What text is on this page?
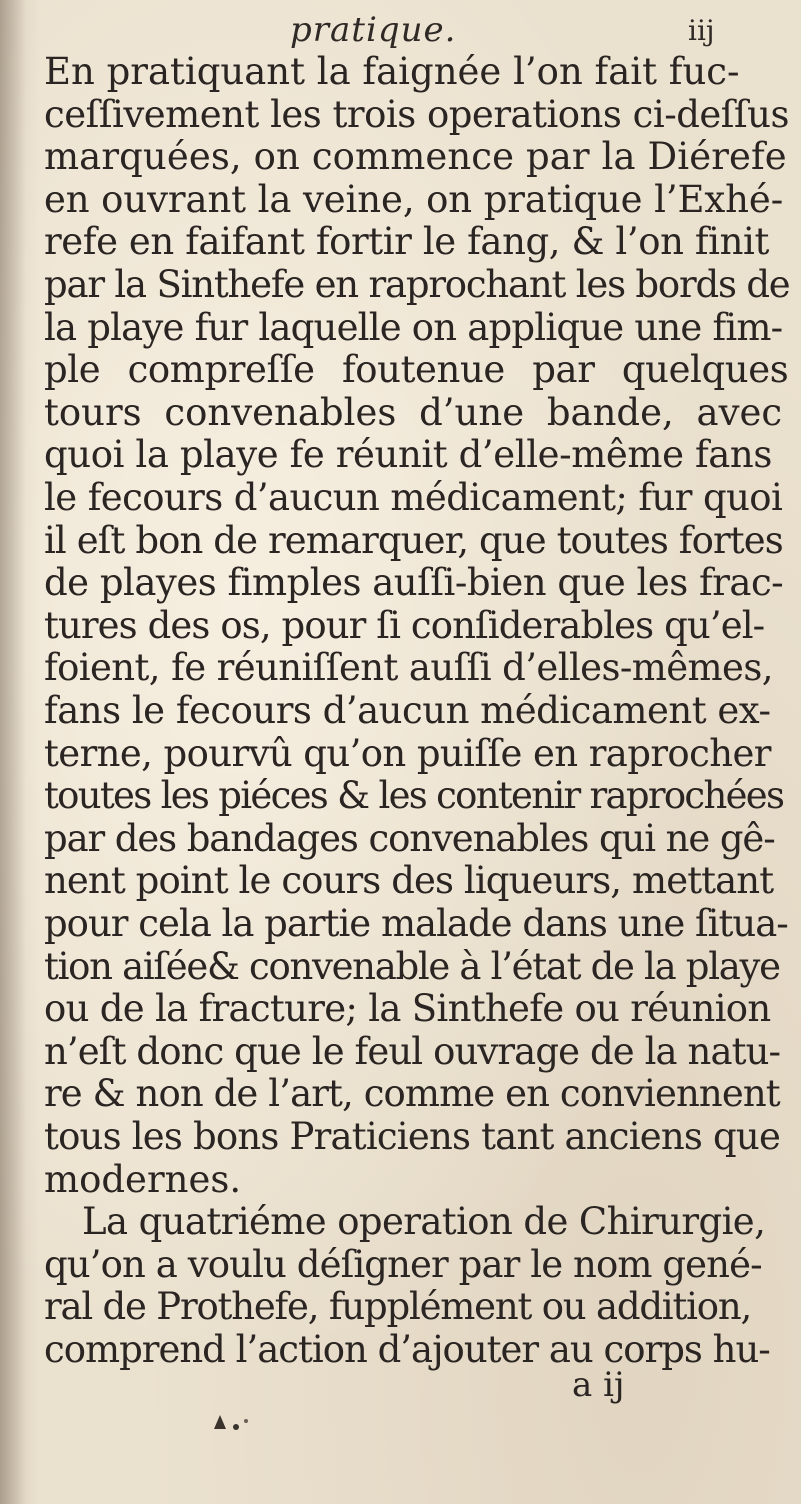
pratique.	iij
En pratiquant la faignée l’on fait fuc-
ceſſivement les trois operations ci-deſſus
marquées, on commence par la Diérefe
en ouvrant la veine, on pratique l’Exhé-
refe en faifant fortir le fang, & l’on finit
par la Sinthefe en raprochant les bords de
la playe fur laquelle on applique une fim-
ple compreſſe foutenue par quelques
tours convenables d’une bande, avec
quoi la playe fe réunit d’elle-même fans
le fecours d’aucun médicament; fur quoi
il eſt bon de remarquer, que toutes fortes
de playes fimples auſſi-bien que les frac-
tures des os, pour ſi conſiderables qu’el-
foient, fe réuniſſent auſſi d’elles-mêmes,
fans le fecours d’aucun médicament ex-
terne, pourvû qu’on puiſſe en raprocher
toutes les piéces & les contenir raprochées
par des bandages convenables qui ne gê-
nent point le cours des liqueurs, mettant
pour cela la partie malade dans une ſitua-
tion aiſée& convenable à l’état de la playe
ou de la fracture; la Sinthefe ou réunion
n’eſt donc que le feul ouvrage de la natu-
re & non de l’art, comme en conviennent
tous les bons Praticiens tant anciens que
modernes.
La quatriéme operation de Chirurgie,
qu’on a voulu déſigner par le nom gené-
ral de Prothefe, fupplément ou addition,
comprend l’action d’ajouter au corps hu-
a ij
